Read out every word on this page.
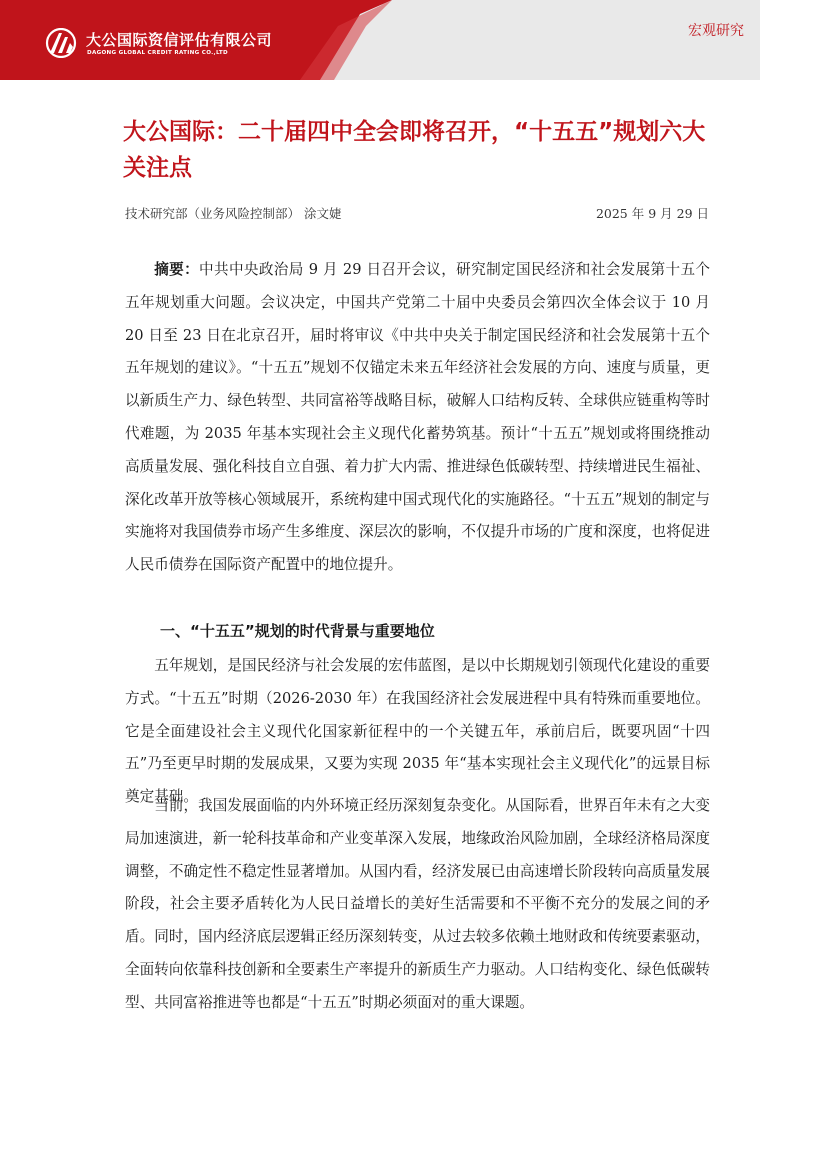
大公国际资信评估有限公司
DAGONG GLOBAL CREDIT RATING CO.,LTD
宏观研究
大公国际：二十届四中全会即将召开，“十五五”规划六大关注点
技术研究部（业务风险控制部） 涂文婕	2025 年 9 月 29 日

摘要：中共中央政治局 9 月 29 日召开会议，研究制定国民经济和社会发展第十五个五年规划重大问题。会议决定，中国共产党第二十届中央委员会第四次全体会议于 10 月 20 日至 23 日在北京召开，届时将审议《中共中央关于制定国民经济和社会发展第十五个五年规划的建议》。“十五五”规划不仅锚定未来五年经济社会发展的方向、速度与质量，更以新质生产力、绿色转型、共同富裕等战略目标，破解人口结构反转、全球供应链重构等时代难题，为 2035 年基本实现社会主义现代化蓄势筑基。预计“十五五”规划或将围绕推动高质量发展、强化科技自立自强、着力扩大内需、推进绿色低碳转型、持续增进民生福祉、深化改革开放等核心领域展开，系统构建中国式现代化的实施路径。“十五五”规划的制定与实施将对我国债券市场产生多维度、深层次的影响，不仅提升市场的广度和深度，也将促进人民币债券在国际资产配置中的地位提升。

一、“十五五”规划的时代背景与重要地位

五年规划，是国民经济与社会发展的宏伟蓝图，是以中长期规划引领现代化建设的重要方式。“十五五”时期（2026-2030 年）在我国经济社会发展进程中具有特殊而重要地位。它是全面建设社会主义现代化国家新征程中的一个关键五年，承前启后，既要巩固“十四五”乃至更早时期的发展成果，又要为实现 2035 年“基本实现社会主义现代化”的远景目标奠定基础。

当前，我国发展面临的内外环境正经历深刻复杂变化。从国际看，世界百年未有之大变局加速演进，新一轮科技革命和产业变革深入发展，地缘政治风险加剧，全球经济格局深度调整，不确定性不稳定性显著增加。从国内看，经济发展已由高速增长阶段转向高质量发展阶段，社会主要矛盾转化为人民日益增长的美好生活需要和不平衡不充分的发展之间的矛盾。同时，国内经济底层逻辑正经历深刻转变，从过去较多依赖土地财政和传统要素驱动，全面转向依靠科技创新和全要素生产率提升的新质生产力驱动。人口结构变化、绿色低碳转型、共同富裕推进等也都是“十五五”时期必须面对的重大课题。
